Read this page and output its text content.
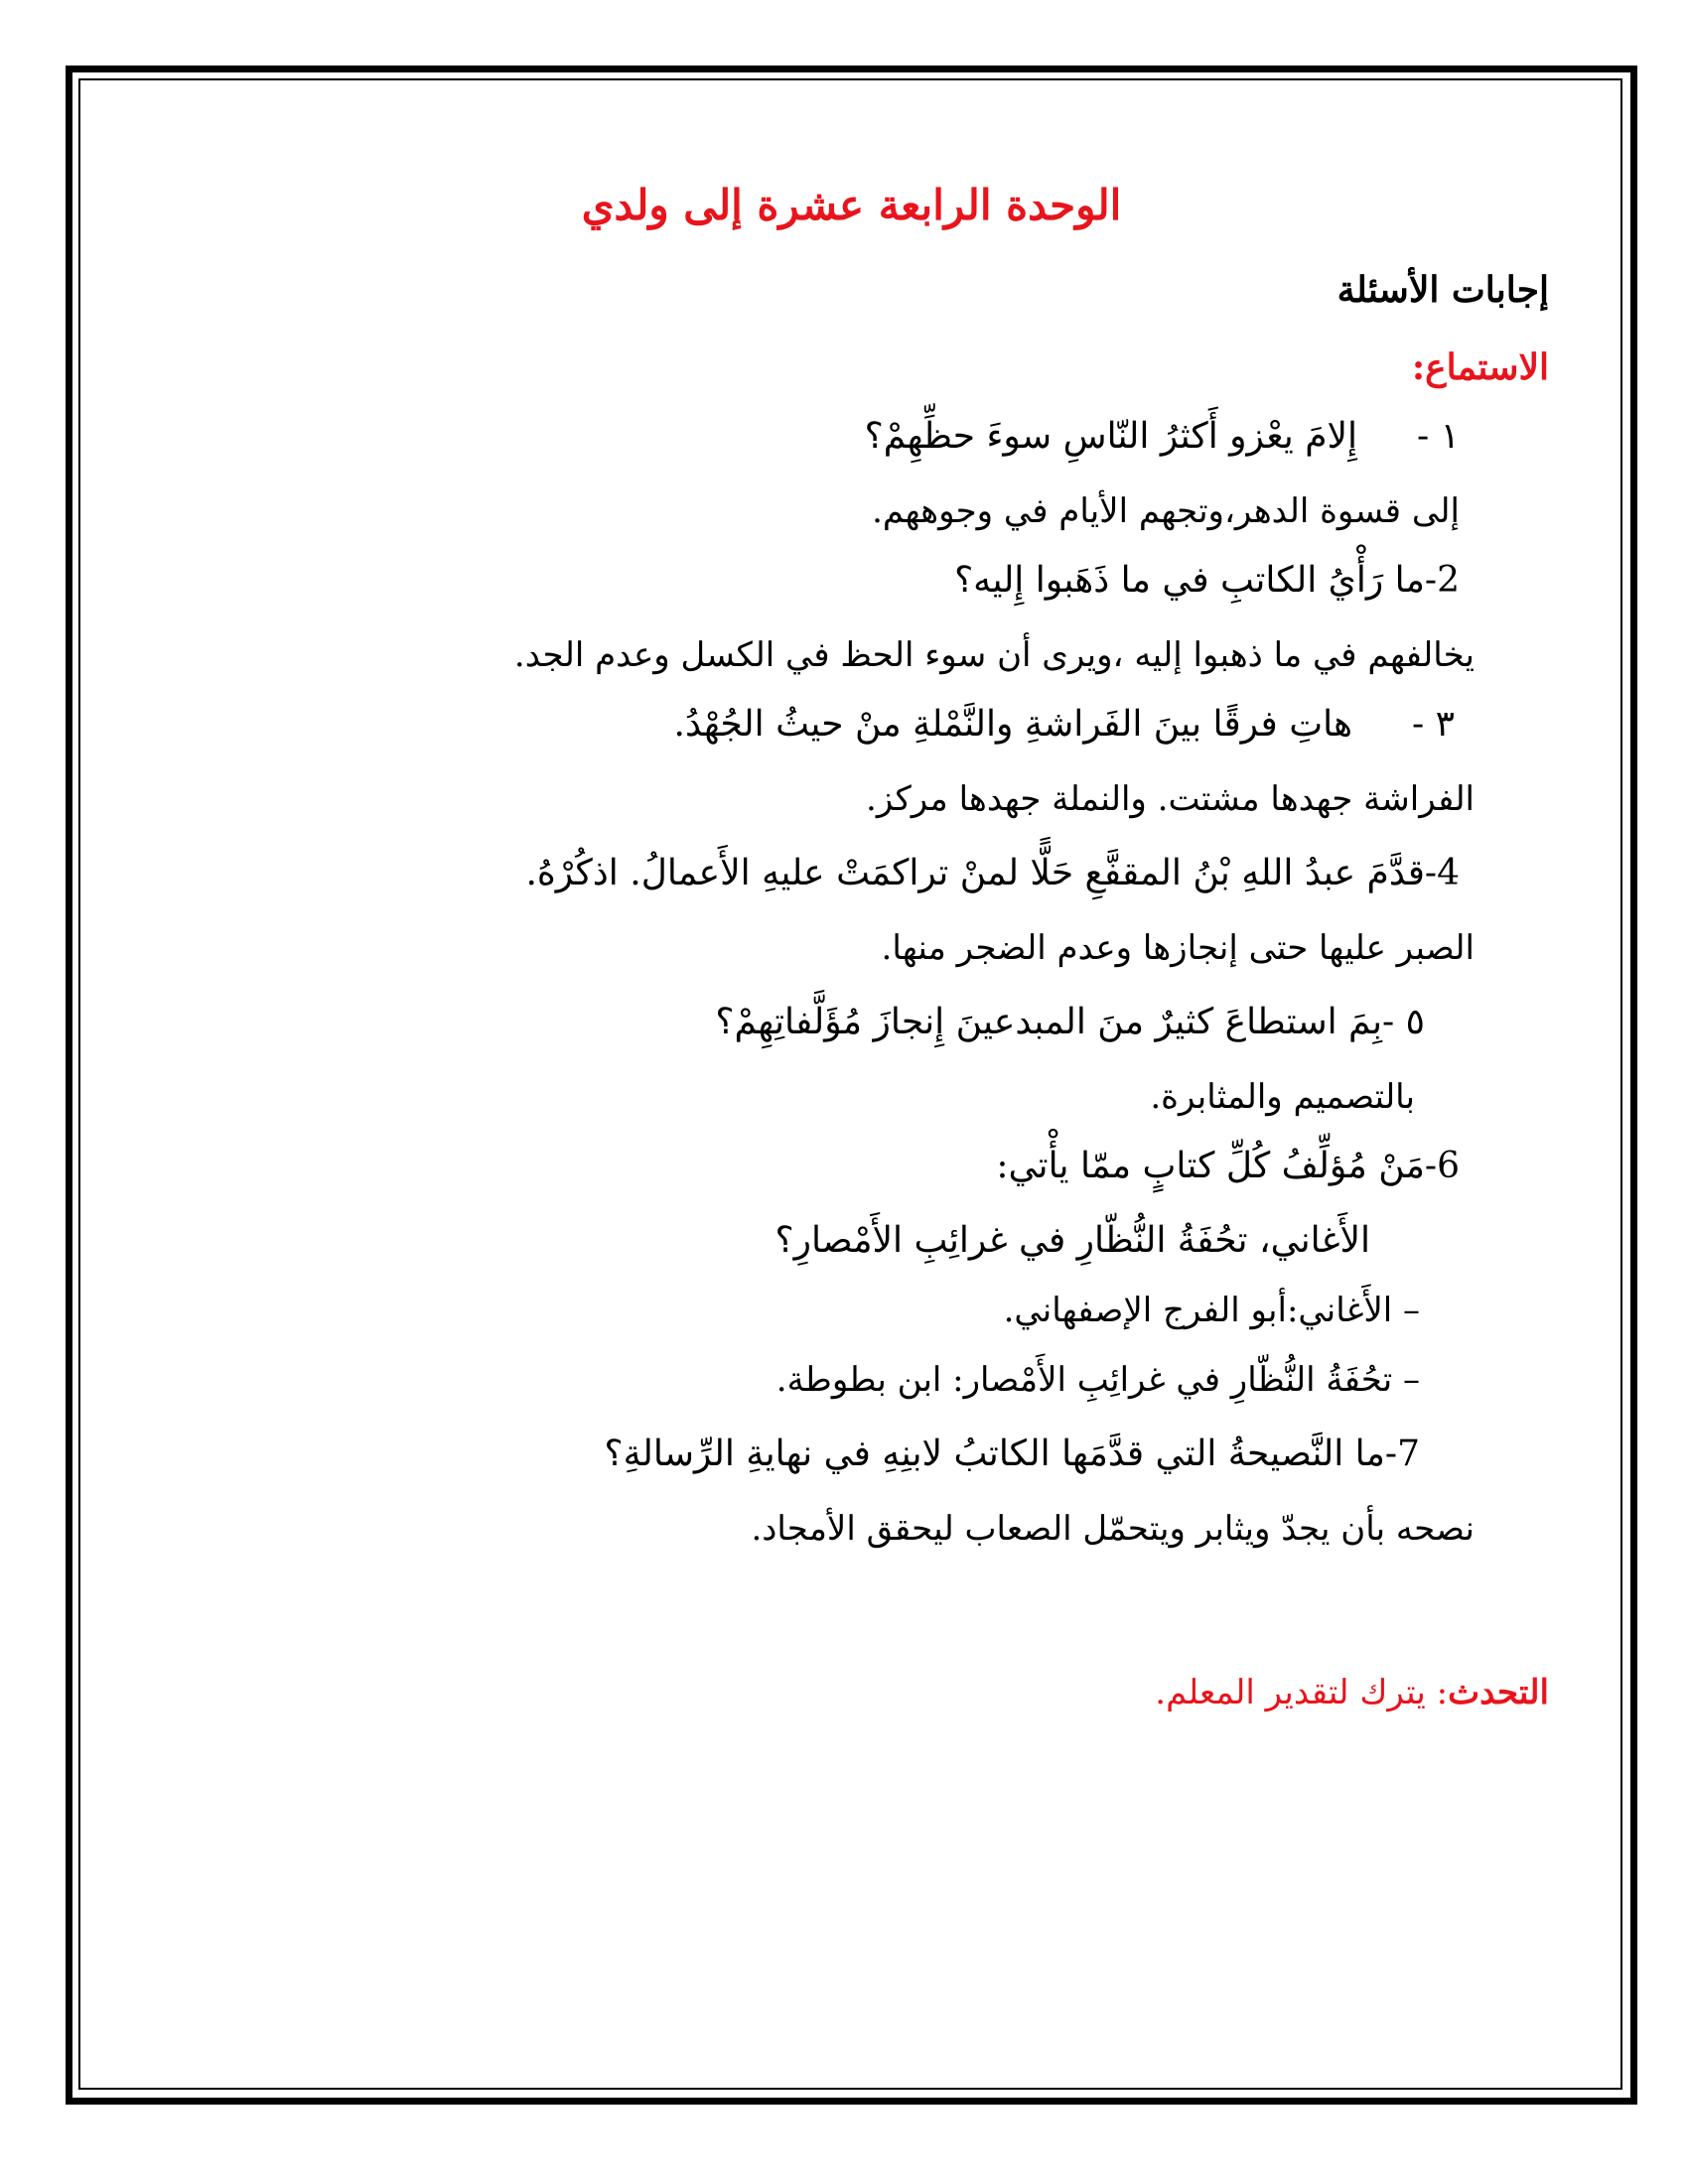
الوحدة الرابعة عشرة إلى ولدي
إجابات الأسئلة
الاستماع:
١ -إِلامَ يعْزو أَكثرُ النّاسِ سوءَ حظِّهِمْ؟
إلى قسوة الدهر،وتجهم الأيام في وجوههم.
2-ما رَأْيُ الكاتبِ في ما ذَهَبوا إِليه؟
يخالفهم في ما ذهبوا إليه ،ويرى أن سوء الحظ في الكسل وعدم الجد.
٣ -هاتِ فرقًا بينَ الفَراشةِ والنَّمْلةِ منْ حيثُ الجُهْدُ.
الفراشة جهدها مشتت. والنملة جهدها مركز.
4-قدَّمَ عبدُ اللهِ بْنُ المقفَّعِ حَلًّا لمنْ تراكمَتْ عليهِ الأَعمالُ. اذكُرْهُ.
الصبر عليها حتى إنجازها وعدم الضجر منها.
٥ -بِمَ استطاعَ كثيرٌ منَ المبدعينَ إِنجازَ مُؤَلَّفاتِهِمْ؟
بالتصميم والمثابرة.
6-مَنْ مُؤلِّفُ كُلِّ كتابٍ ممّا يأْتي:
الأَغاني، تحُفَةُ النُّظّارِ في غرائِبِ الأَمْصارِ؟
– الأَغاني:أبو الفرج الإصفهاني.
– تحُفَةُ النُّظّارِ في غرائِبِ الأَمْصار: ابن بطوطة.
7-ما النَّصيحةُ التي قدَّمَها الكاتبُ لابنِهِ في نهايةِ الرِّسالةِ؟
نصحه بأن يجدّ ويثابر ويتحمّل الصعاب ليحقق الأمجاد.
التحدث: يترك لتقدير المعلم.
